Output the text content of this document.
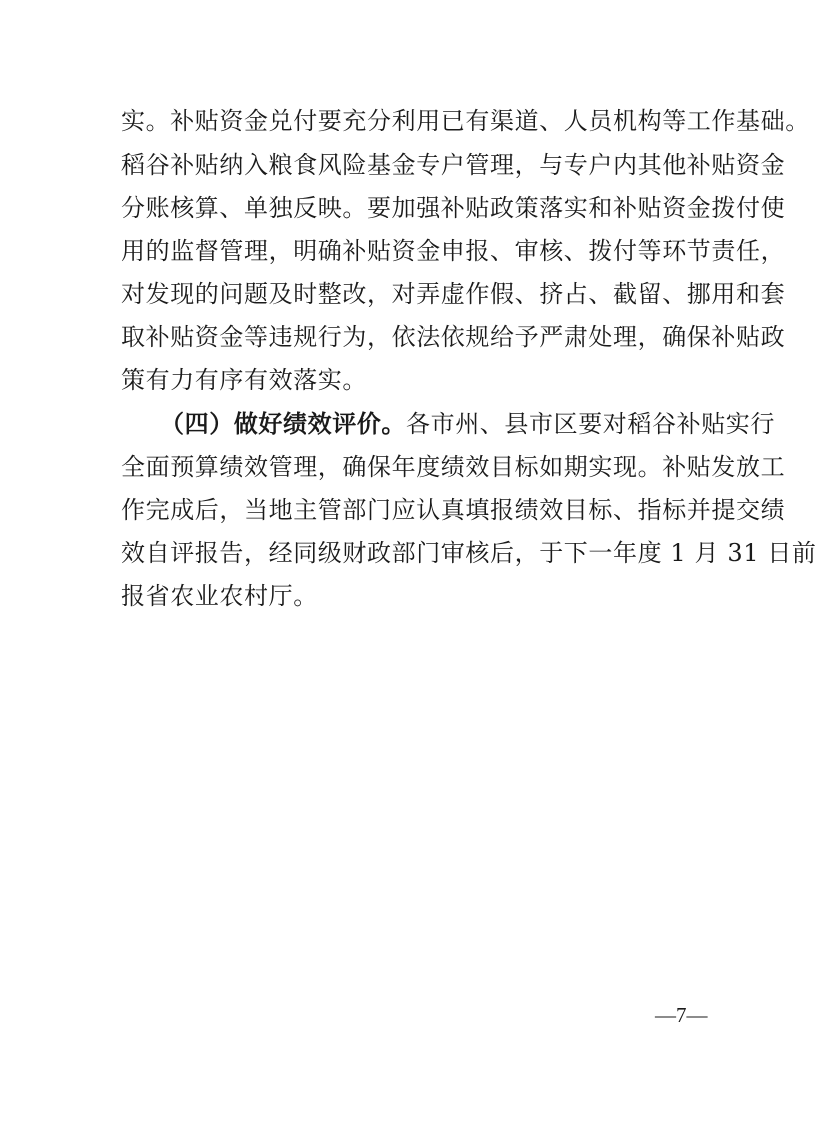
实。补贴资金兑付要充分利用已有渠道、人员机构等工作基础。
稻谷补贴纳入粮食风险基金专户管理，与专户内其他补贴资金
分账核算、单独反映。要加强补贴政策落实和补贴资金拨付使
用的监督管理，明确补贴资金申报、审核、拨付等环节责任，
对发现的问题及时整改，对弄虚作假、挤占、截留、挪用和套
取补贴资金等违规行为，依法依规给予严肃处理，确保补贴政
策有力有序有效落实。
（四）做好绩效评价。各市州、县市区要对稻谷补贴实行
全面预算绩效管理，确保年度绩效目标如期实现。补贴发放工
作完成后，当地主管部门应认真填报绩效目标、指标并提交绩
效自评报告，经同级财政部门审核后，于下一年度 1 月 31 日前
报省农业农村厅。
—7—
